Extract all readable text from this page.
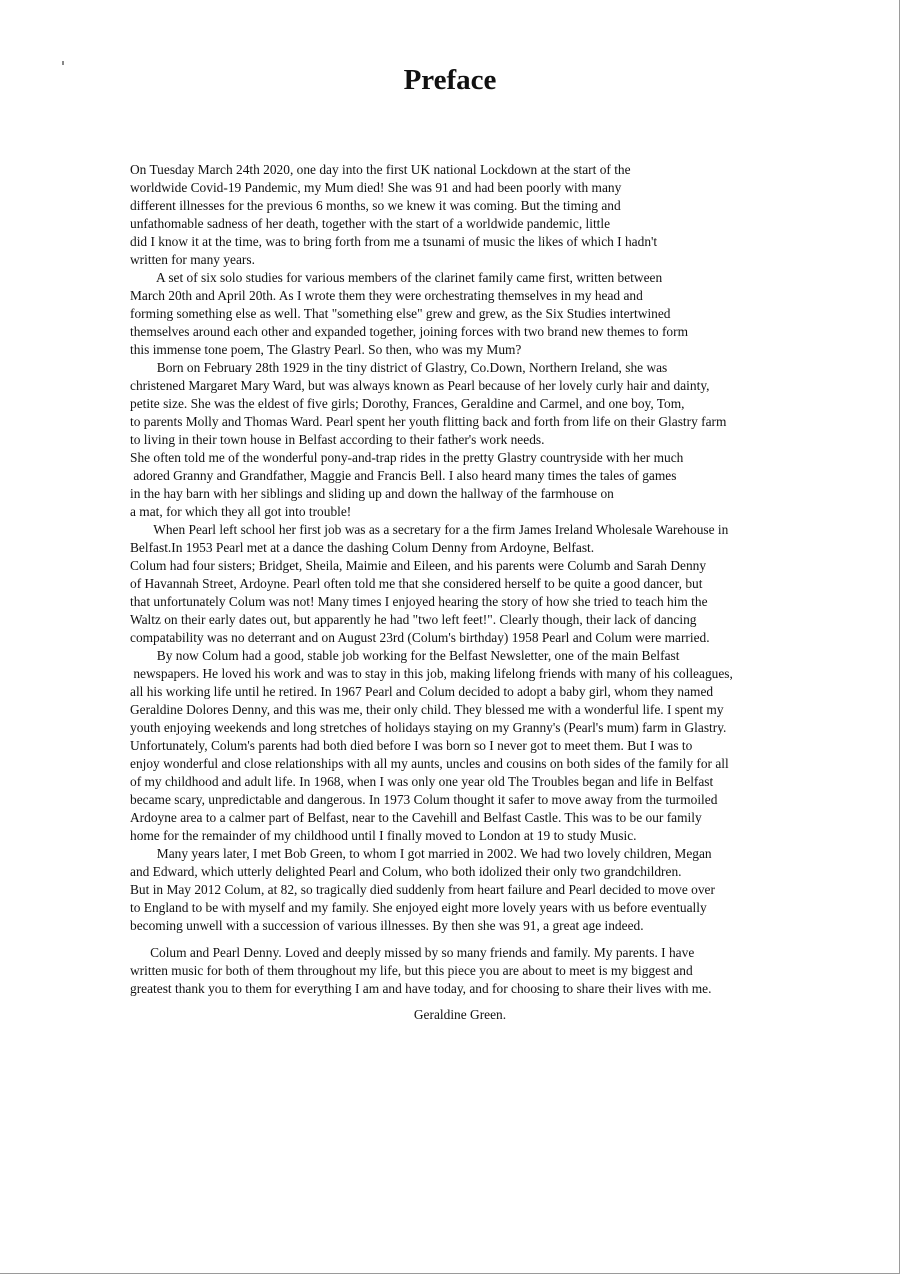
Preface
On Tuesday March 24th 2020, one day into the first UK national Lockdown at the start of the
worldwide Covid-19 Pandemic, my Mum died! She was 91 and had been poorly with many
different illnesses for the previous 6 months, so we knew it was coming. But the timing and
unfathomable sadness of her death, together with the start of a worldwide pandemic, little
did I know it at the time, was to bring forth from me a tsunami of music the likes of which I hadn't
written for many years.
A set of six solo studies for various members of the clarinet family came first, written between
March 20th and April 20th. As I wrote them they were orchestrating themselves in my head and
forming something else as well. That "something else" grew and grew, as the Six Studies intertwined
themselves around each other and expanded together, joining forces with two brand new themes to form
this immense tone poem, The Glastry Pearl. So then, who was my Mum?
Born on February 28th 1929 in the tiny district of Glastry, Co.Down, Northern Ireland, she was
christened Margaret Mary Ward, but was always known as Pearl because of her lovely curly hair and dainty,
petite size. She was the eldest of five girls; Dorothy, Frances, Geraldine and Carmel, and one boy, Tom,
to parents Molly and Thomas Ward. Pearl spent her youth flitting back and forth from life on their Glastry farm
to living in their town house in Belfast according to their father's work needs.
She often told me of the wonderful pony-and-trap rides in the pretty Glastry countryside with her much
adored Granny and Grandfather, Maggie and Francis Bell. I also heard many times the tales of games
in the hay barn with her siblings and sliding up and down the hallway of the farmhouse on
a mat, for which they all got into trouble!
When Pearl left school her first job was as a secretary for a the firm James Ireland Wholesale Warehouse in
Belfast.In 1953 Pearl met at a dance the dashing Colum Denny from Ardoyne, Belfast.
Colum had four sisters; Bridget, Sheila, Maimie and Eileen, and his parents were Columb and Sarah Denny
of Havannah Street, Ardoyne. Pearl often told me that she considered herself to be quite a good dancer, but
that unfortunately Colum was not! Many times I enjoyed hearing the story of how she tried to teach him the
Waltz on their early dates out, but apparently he had "two left feet!". Clearly though, their lack of dancing
compatability was no deterrant and on August 23rd (Colum's birthday) 1958 Pearl and Colum were married.
By now Colum had a good, stable job working for the Belfast Newsletter, one of the main Belfast
newspapers. He loved his work and was to stay in this job, making lifelong friends with many of his colleagues,
all his working life until he retired. In 1967 Pearl and Colum decided to adopt a baby girl, whom they named
Geraldine Dolores Denny, and this was me, their only child. They blessed me with a wonderful life. I spent my
youth enjoying weekends and long stretches of holidays staying on my Granny's (Pearl's mum) farm in Glastry.
Unfortunately, Colum's parents had both died before I was born so I never got to meet them. But I was to
enjoy wonderful and close relationships with all my aunts, uncles and cousins on both sides of the family for all
of my childhood and adult life. In 1968, when I was only one year old The Troubles began and life in Belfast
became scary, unpredictable and dangerous. In 1973 Colum thought it safer to move away from the turmoiled
Ardoyne area to a calmer part of Belfast, near to the Cavehill and Belfast Castle. This was to be our family
home for the remainder of my childhood until I finally moved to London at 19 to study Music.
Many years later, I met Bob Green, to whom I got married in 2002. We had two lovely children, Megan
and Edward, which utterly delighted Pearl and Colum, who both idolized their only two grandchildren.
But in May 2012 Colum, at 82, so tragically died suddenly from heart failure and Pearl decided to move over
to England to be with myself and my family. She enjoyed eight more lovely years with us before eventually
becoming unwell with a succession of various illnesses. By then she was 91, a great age indeed.
Colum and Pearl Denny. Loved and deeply missed by so many friends and family. My parents. I have
written music for both of them throughout my life, but this piece you are about to meet is my biggest and
greatest thank you to them for everything I am and have today, and for choosing to share their lives with me.
Geraldine Green.
